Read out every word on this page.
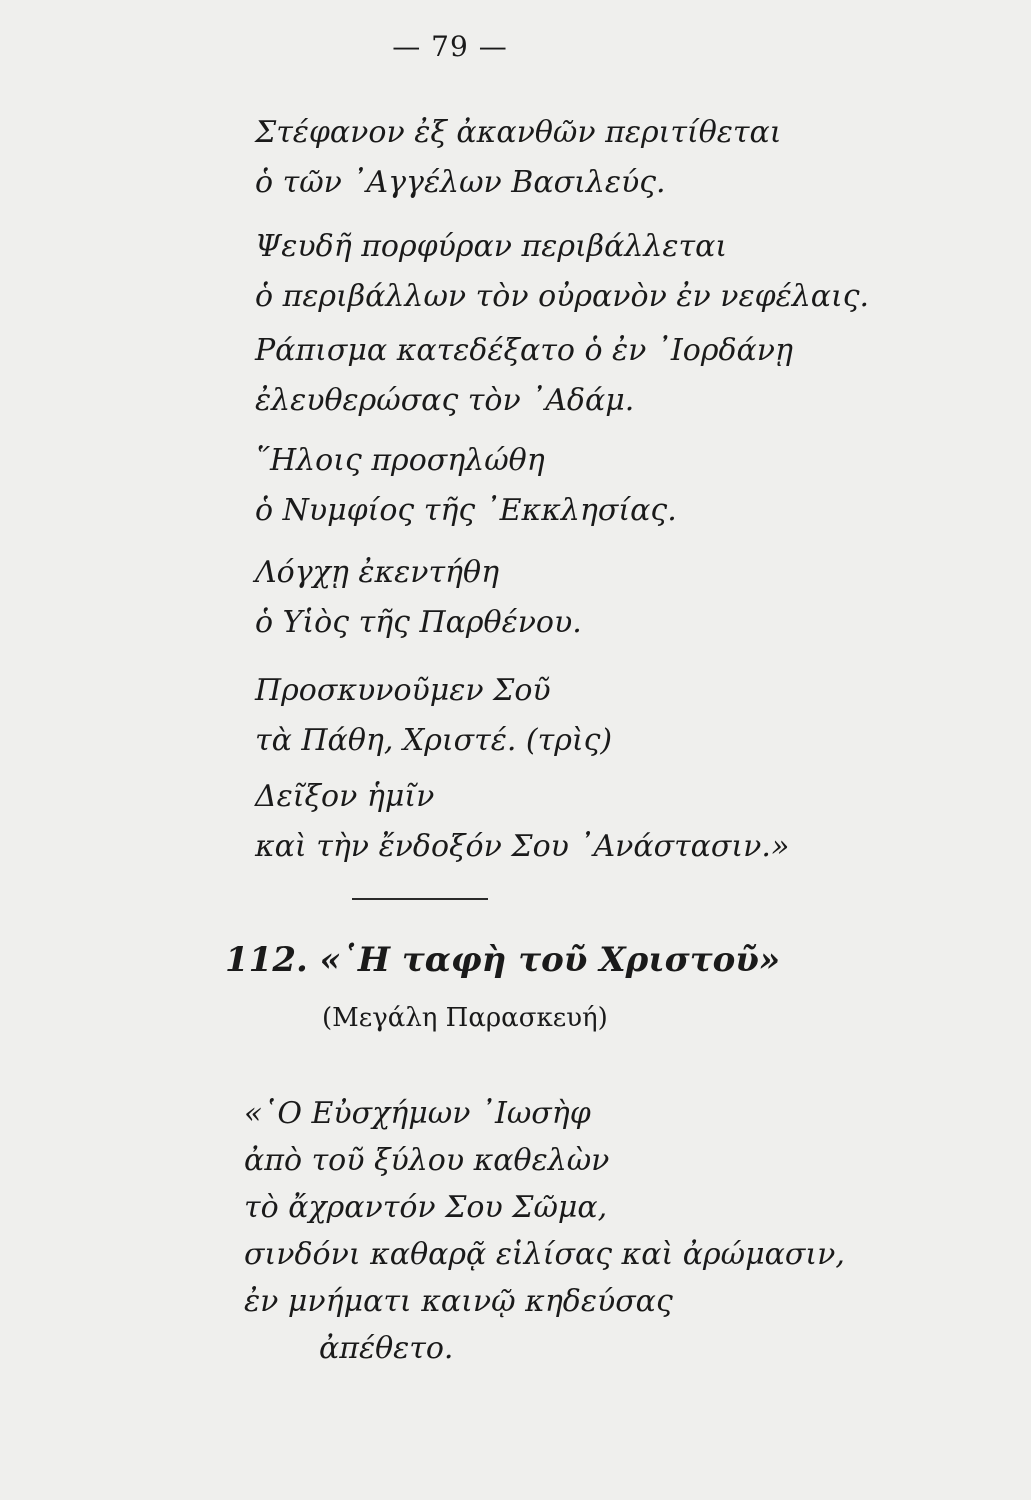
— 79 —
Στέφανον ἐξ ἀκανθῶν περιτίθεται
ὁ τῶν ᾿Αγγέλων Βασιλεύς.
Ψευδῆ πορφύραν περιβάλλεται
ὁ περιβάλλων τὸν οὐρανὸν ἐν νεφέλαις.
Ράπισμα κατεδέξατο ὁ ἐν ᾿Ιορδάνῃ
ἐλευθερώσας τὸν ᾿Αδάμ.
῞Ηλοις προσηλώθη
ὁ Νυμφίος τῆς ᾿Εκκλησίας.
Λόγχῃ ἐκεντήθη
ὁ Υἱὸς τῆς Παρθένου.
Προσκυνοῦμεν Σοῦ
τὰ Πάθη, Χριστέ. (τρὶς)
Δεῖξον ἡμῖν
καὶ τὴν ἔνδοξόν Σου ᾿Ανάστασιν.»
112. «῾Η ταφὴ τοῦ Χριστοῦ»
(Μεγάλη Παρασκευή)
«῾Ο Εὐσχήμων ᾿Ιωσὴφ
ἀπὸ τοῦ ξύλου καθελὼν
τὸ ἄχραντόν Σου Σῶμα,
σινδόνι καθαρᾷ εἱλίσας καὶ ἀρώμασιν,
ἐν μνήματι καινῷ κηδεύσας
ἀπέθετο.
